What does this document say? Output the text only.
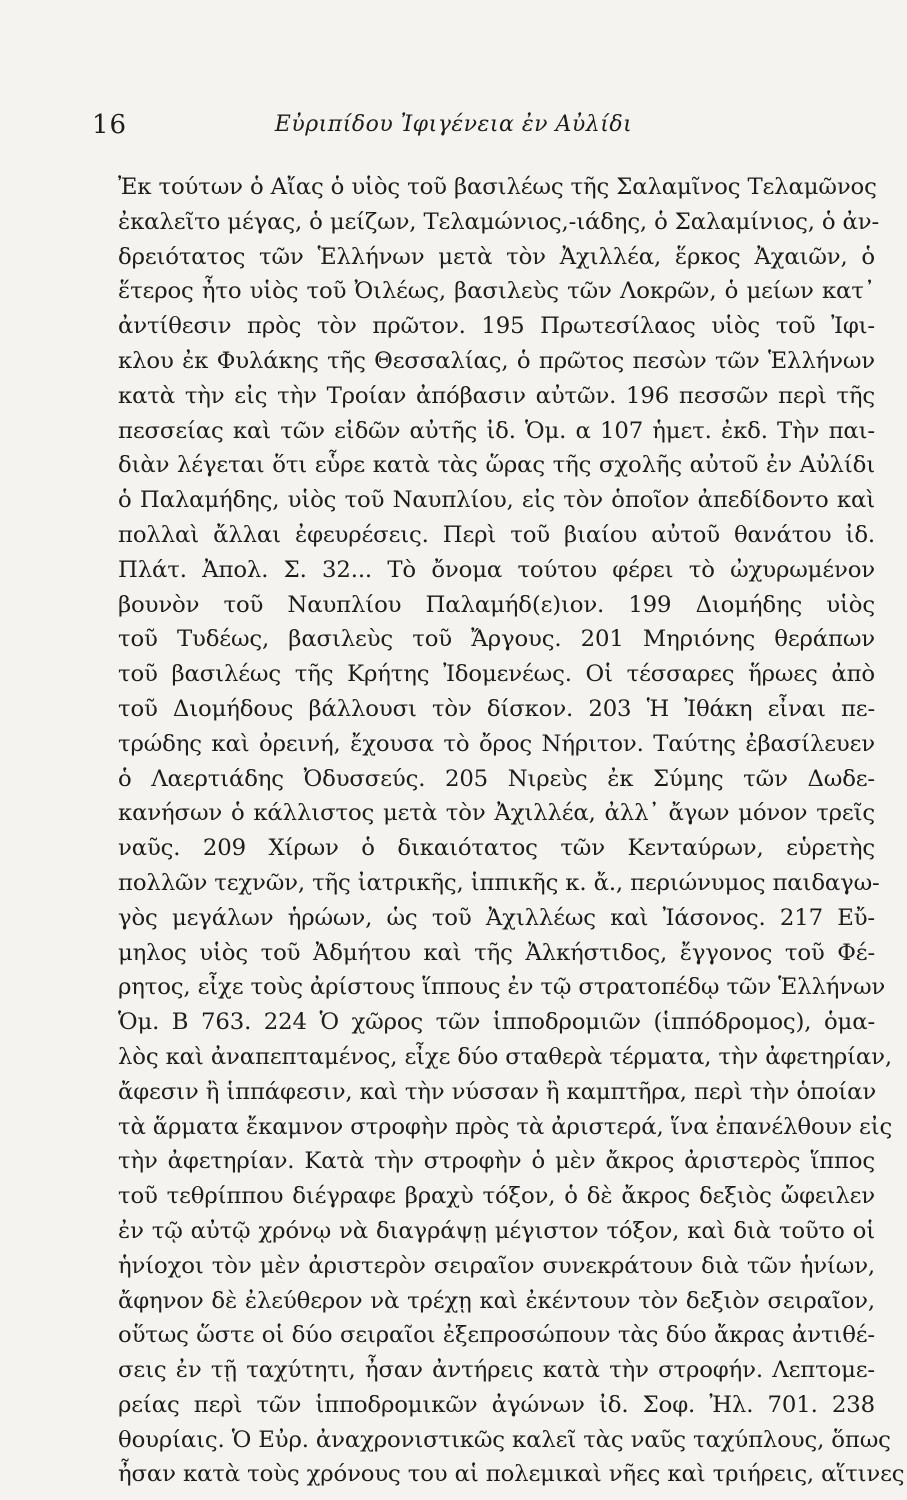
16	Εὐριπίδου Ἰφιγένεια ἐν Αὐλίδι
Ἐκ τούτων ὁ Αἴας ὁ υἱὸς τοῦ βασιλέως τῆς Σαλαμῖνος Τελαμῶνος
ἐκαλεῖτο μέγας, ὁ μείζων, Τελαμώνιος,-ιάδης, ὁ Σαλαμίνιος, ὁ ἀν-
δρειότατος τῶν Ἑλλήνων μετὰ τὸν Ἀχιλλέα, ἕρκος Ἀχαιῶν, ὁ
ἕτερος ἦτο υἱὸς τοῦ Ὀιλέως, βασιλεὺς τῶν Λοκρῶν, ὁ μείων κατ᾽
ἀντίθεσιν πρὸς τὸν πρῶτον. 195 Πρωτεσίλαος υἱὸς τοῦ Ἰφι-
κλου ἐκ Φυλάκης τῆς Θεσσαλίας, ὁ πρῶτος πεσὼν τῶν Ἑλλήνων
κατὰ τὴν εἰς τὴν Τροίαν ἀπόβασιν αὐτῶν. 196 πεσσῶν περὶ τῆς
πεσσείας καὶ τῶν εἰδῶν αὐτῆς ἰδ. Ὁμ. α 107 ἡμετ. ἐκδ. Τὴν παι-
διὰν λέγεται ὅτι εὗρε κατὰ τὰς ὥρας τῆς σχολῆς αὐτοῦ ἐν Αὐλίδι
ὁ Παλαμήδης, υἱὸς τοῦ Ναυπλίου, εἰς τὸν ὁποῖον ἀπεδίδοντο καὶ
πολλαὶ ἄλλαι ἐφευρέσεις. Περὶ τοῦ βιαίου αὐτοῦ θανάτου ἰδ.
Πλάτ. Ἀπολ. Σ. 32... Τὸ ὄνομα τούτου φέρει τὸ ὠχυρωμένον
βουνὸν τοῦ Ναυπλίου Παλαμήδ(ε)ιον. 199 Διομήδης υἱὸς
τοῦ Τυδέως, βασιλεὺς τοῦ Ἄργους. 201 Μηριόνης θεράπων
τοῦ βασιλέως τῆς Κρήτης Ἰδομενέως. Οἱ τέσσαρες ἥρωες ἀπὸ
τοῦ Διομήδους βάλλουσι τὸν δίσκον. 203 Ἡ Ἰθάκη εἶναι πε-
τρώδης καὶ ὀρεινή, ἔχουσα τὸ ὄρος Νήριτον. Ταύτης ἐβασίλευεν
ὁ Λαερτιάδης Ὀδυσσεύς. 205 Νιρεὺς ἐκ Σύμης τῶν Δωδε-
κανήσων ὁ κάλλιστος μετὰ τὸν Ἀχιλλέα, ἀλλ᾽ ἄγων μόνον τρεῖς
ναῦς. 209 Χίρων ὁ δικαιότατος τῶν Κενταύρων, εὑρετὴς
πολλῶν τεχνῶν, τῆς ἰατρικῆς, ἱππικῆς κ. ἄ., περιώνυμος παιδαγω-
γὸς μεγάλων ἡρώων, ὡς τοῦ Ἀχιλλέως καὶ Ἰάσονος. 217 Εὔ-
μηλος υἱὸς τοῦ Ἀδμήτου καὶ τῆς Ἀλκήστιδος, ἔγγονος τοῦ Φέ-
ρητος, εἶχε τοὺς ἀρίστους ἵππους ἐν τῷ στρατοπέδῳ τῶν Ἑλλήνων
Ὁμ. Β 763. 224 Ὁ χῶρος τῶν ἱπποδρομιῶν (ἱππόδρομος), ὁμα-
λὸς καὶ ἀναπεπταμένος, εἶχε δύο σταθερὰ τέρματα, τὴν ἀφετηρίαν,
ἄφεσιν ἢ ἱππάφεσιν, καὶ τὴν νύσσαν ἢ καμπτῆρα, περὶ τὴν ὁποίαν
τὰ ἅρματα ἔκαμνον στροφὴν πρὸς τὰ ἀριστερά, ἵνα ἐπανέλθουν εἰς
τὴν ἀφετηρίαν. Κατὰ τὴν στροφὴν ὁ μὲν ἄκρος ἀριστερὸς ἵππος
τοῦ τεθρίππου διέγραφε βραχὺ τόξον, ὁ δὲ ἄκρος δεξιὸς ὤφειλεν
ἐν τῷ αὐτῷ χρόνῳ νὰ διαγράψῃ μέγιστον τόξον, καὶ διὰ τοῦτο οἱ
ἡνίοχοι τὸν μὲν ἀριστερὸν σειραῖον συνεκράτουν διὰ τῶν ἡνίων,
ἄφηνον δὲ ἐλεύθερον νὰ τρέχῃ καὶ ἐκέντουν τὸν δεξιὸν σειραῖον,
οὕτως ὥστε οἱ δύο σειραῖοι ἐξεπροσώπουν τὰς δύο ἄκρας ἀντιθέ-
σεις ἐν τῇ ταχύτητι, ἦσαν ἀντήρεις κατὰ τὴν στροφήν. Λεπτομε-
ρείας περὶ τῶν ἱπποδρομικῶν ἀγώνων ἰδ. Σοφ. Ἠλ. 701. 238
θουρίαις. Ὁ Εὐρ. ἀναχρονιστικῶς καλεῖ τὰς ναῦς ταχύπλους, ὅπως
ἦσαν κατὰ τοὺς χρόνους του αἱ πολεμικαὶ νῆες καὶ τριήρεις, αἵτινες
